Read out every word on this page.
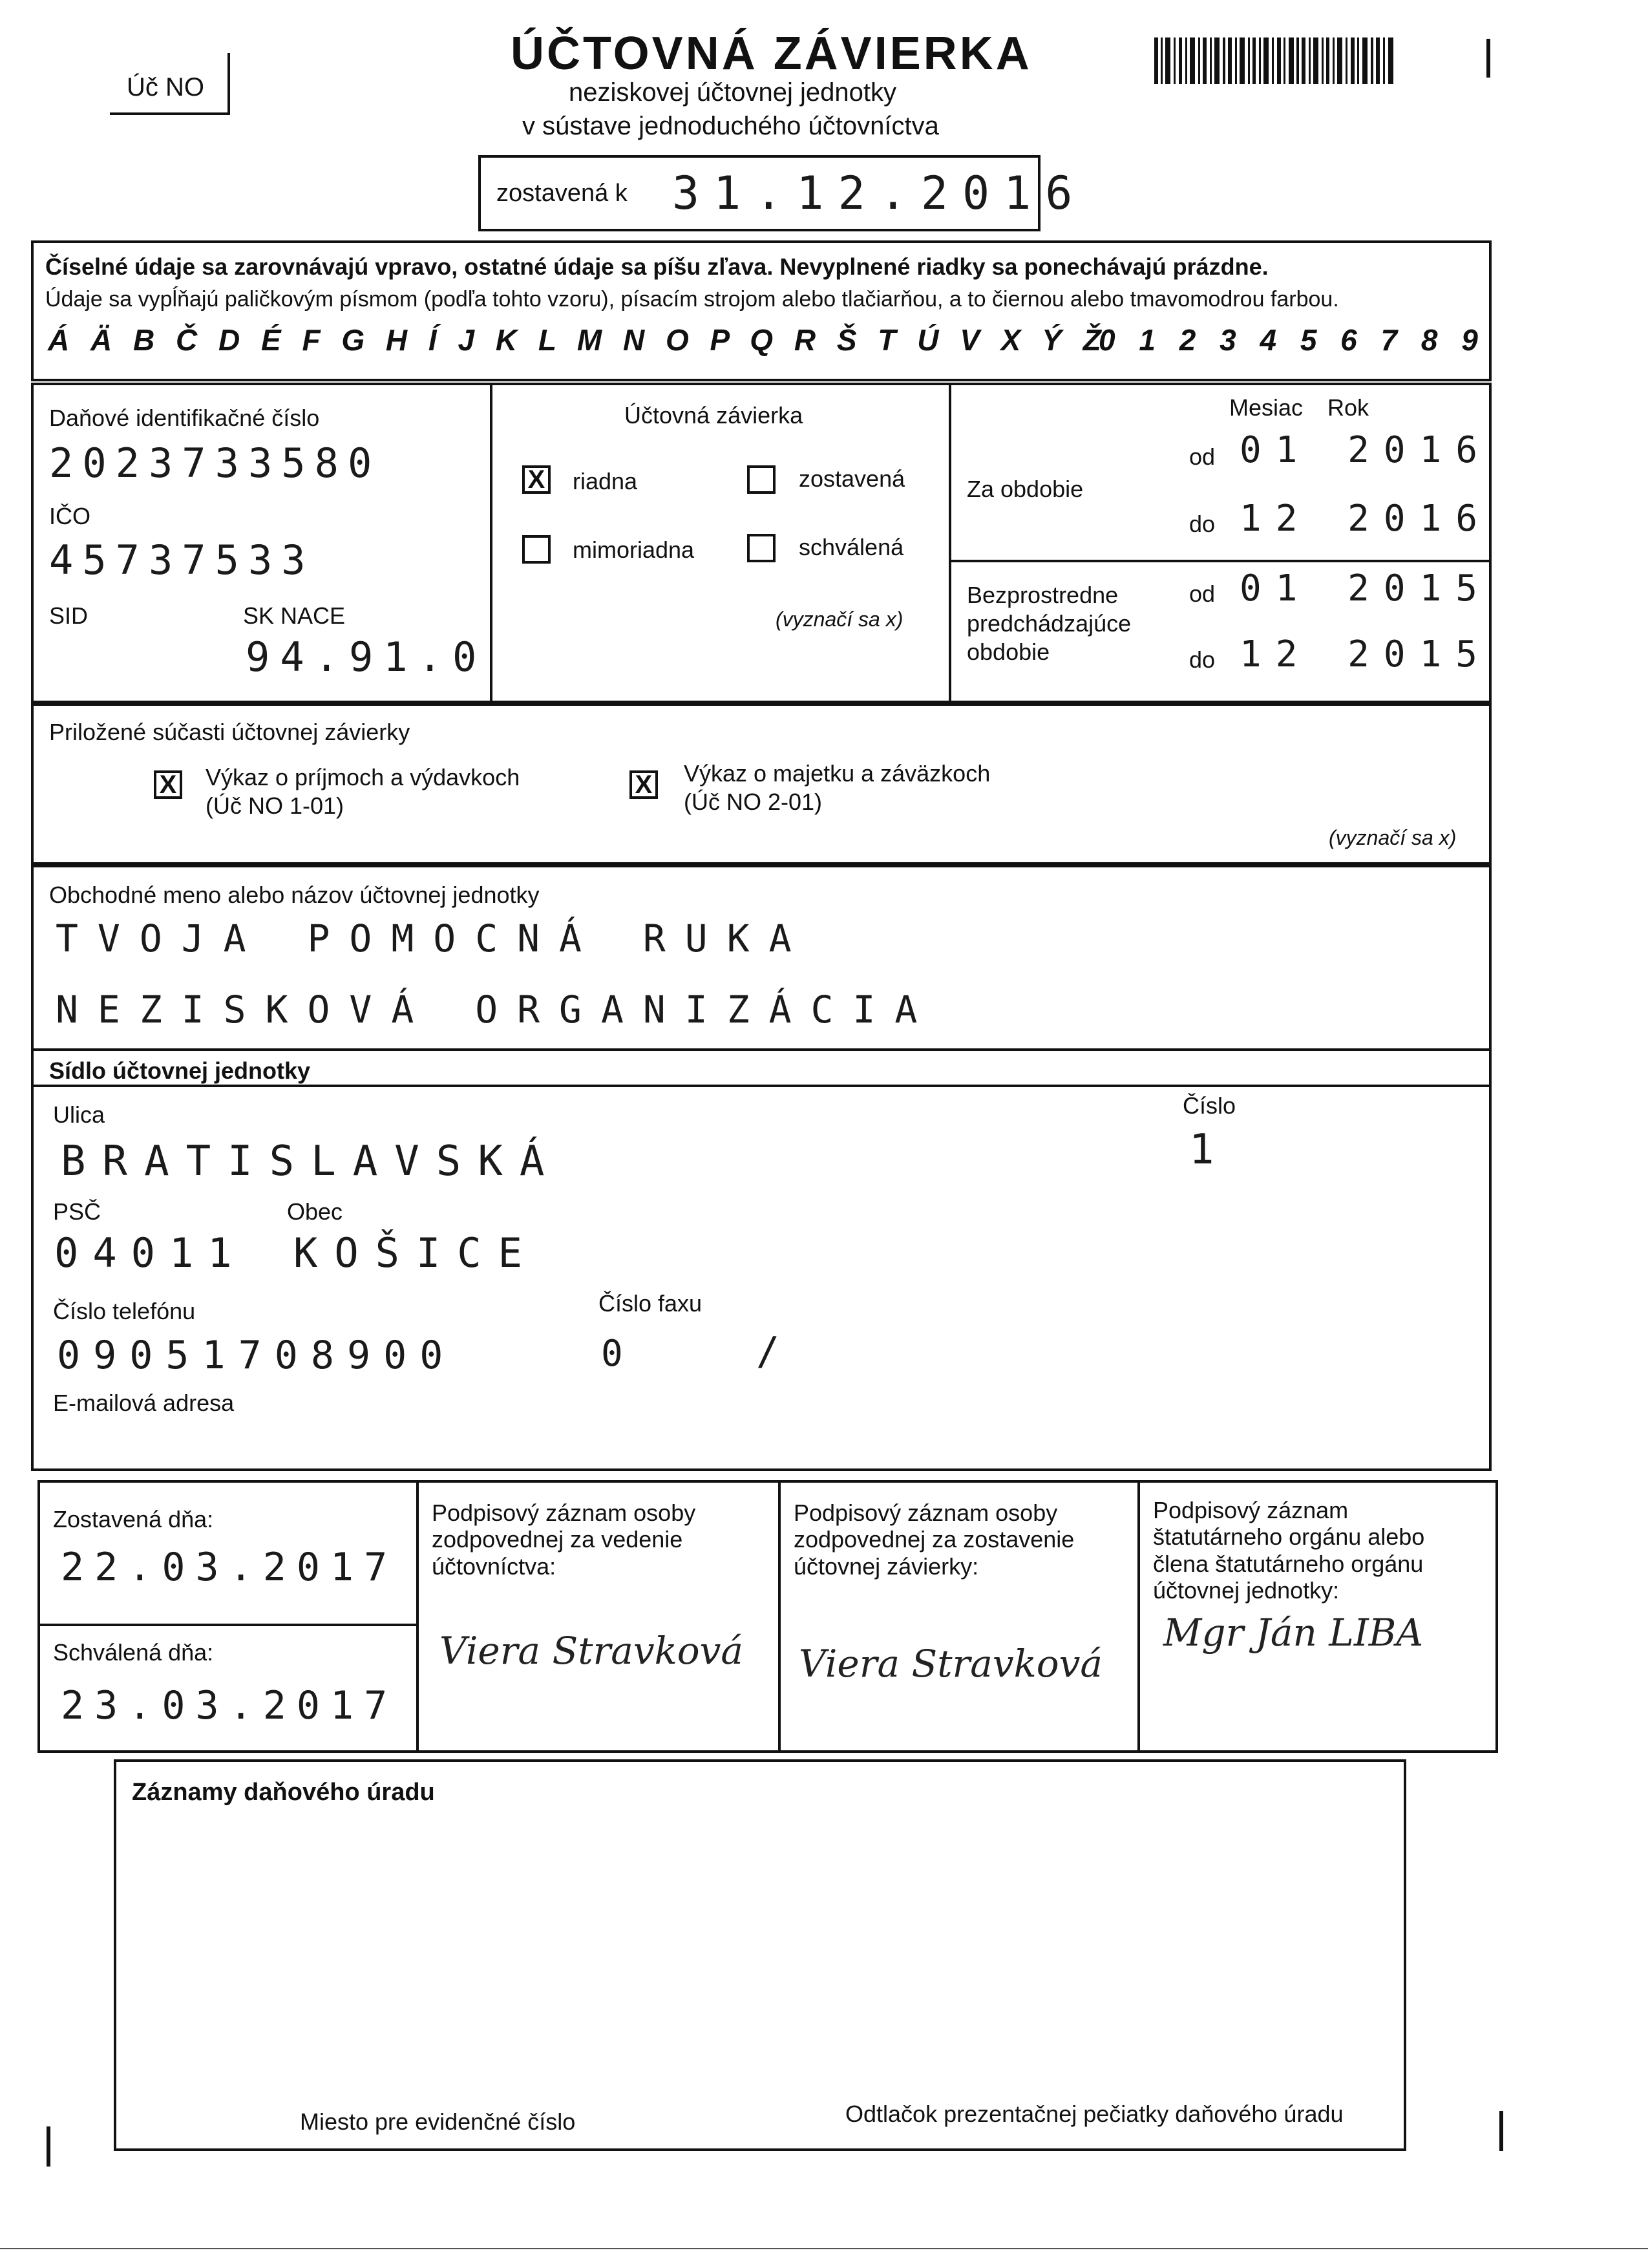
Úč NO
ÚČTOVNÁ ZÁVIERKA
neziskovej účtovnej jednotky
v sústave jednoduchého účtovníctva
zostavená k 31.12.2016
Číselné údaje sa zarovnávajú vpravo, ostatné údaje sa píšu zľava. Nevyplnené riadky sa ponechávajú prázdne.
Údaje sa vypĺňajú paličkovým písmom (podľa tohto vzoru), písacím strojom alebo tlačiarňou, a to čiernou alebo tmavomodrou farbou.
Á Ä B Č D É F G H Í J K L M N O P Q R Š T Ú V X Ý Ž
0 1 2 3 4 5 6 7 8 9
Daňové identifikačné číslo
2023733580
IČO
45737533
SID	SK NACE
94.91.0
Účtovná závierka
X riadna
mimoriadna
zostavená
schválená
(vyznačí sa x)
Mesiac Rok
Za obdobie
od 01 2016
do 12 2016
Bezprostredne
predchádzajúce
obdobie
od 01 2015
do 12 2015
Priložené súčasti účtovnej závierky
X Výkaz o príjmoch a výdavkoch
(Úč NO 1-01)
X Výkaz o majetku a záväzkoch
(Úč NO 2-01)
(vyznačí sa x)
Obchodné meno alebo názov účtovnej jednotky
TVOJA POMOCNÁ RUKA
NEZISKOVÁ ORGANIZÁCIA
Sídlo účtovnej jednotky
Ulica
BRATISLAVSKÁ
Číslo
1
PSČ	Obec
04011 KOŠICE
Číslo telefónu	Číslo faxu
09051708900	0	/
E-mailová adresa
Zostavená dňa:
22.03.2017
Schválená dňa:
23.03.2017
Podpisový záznam osoby zodpovednej za vedenie účtovníctva:
Viera Stravková
Podpisový záznam osoby zodpovednej za zostavenie účtovnej závierky:
Viera Stravková
Podpisový záznam štatutárneho orgánu alebo člena štatutárneho orgánu účtovnej jednotky:
Mgr Ján LIBA
Záznamy daňového úradu
Miesto pre evidenčné číslo	Odtlačok prezentačnej pečiatky daňového úradu
